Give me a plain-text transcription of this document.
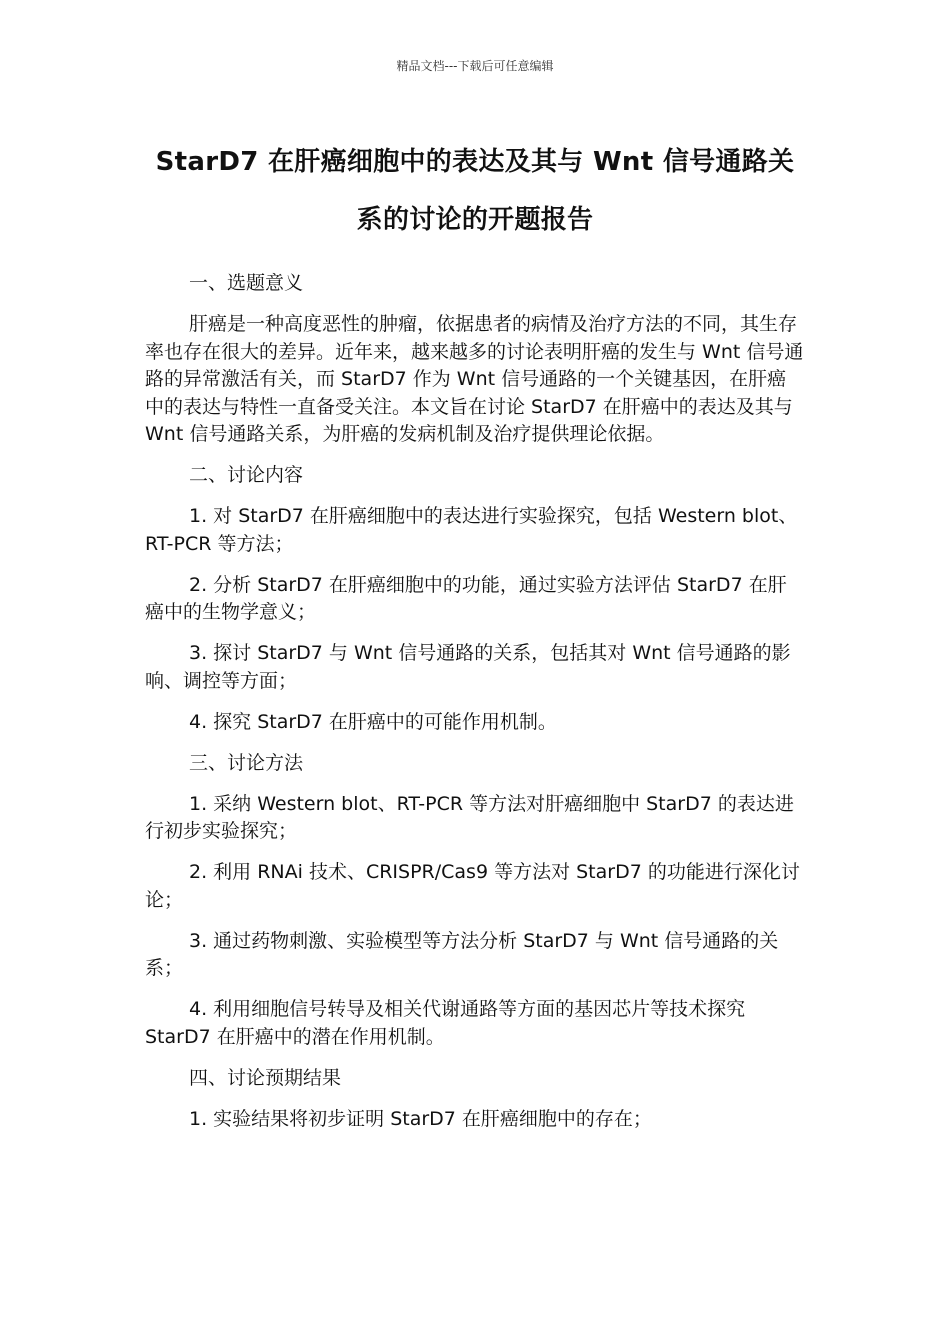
精品文档---下载后可任意编辑
StarD7 在肝癌细胞中的表达及其与 Wnt 信号通路关系的讨论的开题报告

一、选题意义

肝癌是一种高度恶性的肿瘤，依据患者的病情及治疗方法的不同，其生存率也存在很大的差异。近年来，越来越多的讨论表明肝癌的发生与 Wnt 信号通路的异常激活有关，而 StarD7 作为 Wnt 信号通路的一个关键基因，在肝癌中的表达与特性一直备受关注。本文旨在讨论 StarD7 在肝癌中的表达及其与 Wnt 信号通路关系，为肝癌的发病机制及治疗提供理论依据。

二、讨论内容

1. 对 StarD7 在肝癌细胞中的表达进行实验探究，包括 Western blot、RT-PCR 等方法；

2. 分析 StarD7 在肝癌细胞中的功能，通过实验方法评估 StarD7 在肝癌中的生物学意义；

3. 探讨 StarD7 与 Wnt 信号通路的关系，包括其对 Wnt 信号通路的影响、调控等方面；

4. 探究 StarD7 在肝癌中的可能作用机制。

三、讨论方法

1. 采纳 Western blot、RT-PCR 等方法对肝癌细胞中 StarD7 的表达进行初步实验探究；

2. 利用 RNAi 技术、CRISPR/Cas9 等方法对 StarD7 的功能进行深化讨论；

3. 通过药物刺激、实验模型等方法分析 StarD7 与 Wnt 信号通路的关系；

4. 利用细胞信号转导及相关代谢通路等方面的基因芯片等技术探究 StarD7 在肝癌中的潜在作用机制。

四、讨论预期结果

1. 实验结果将初步证明 StarD7 在肝癌细胞中的存在；
